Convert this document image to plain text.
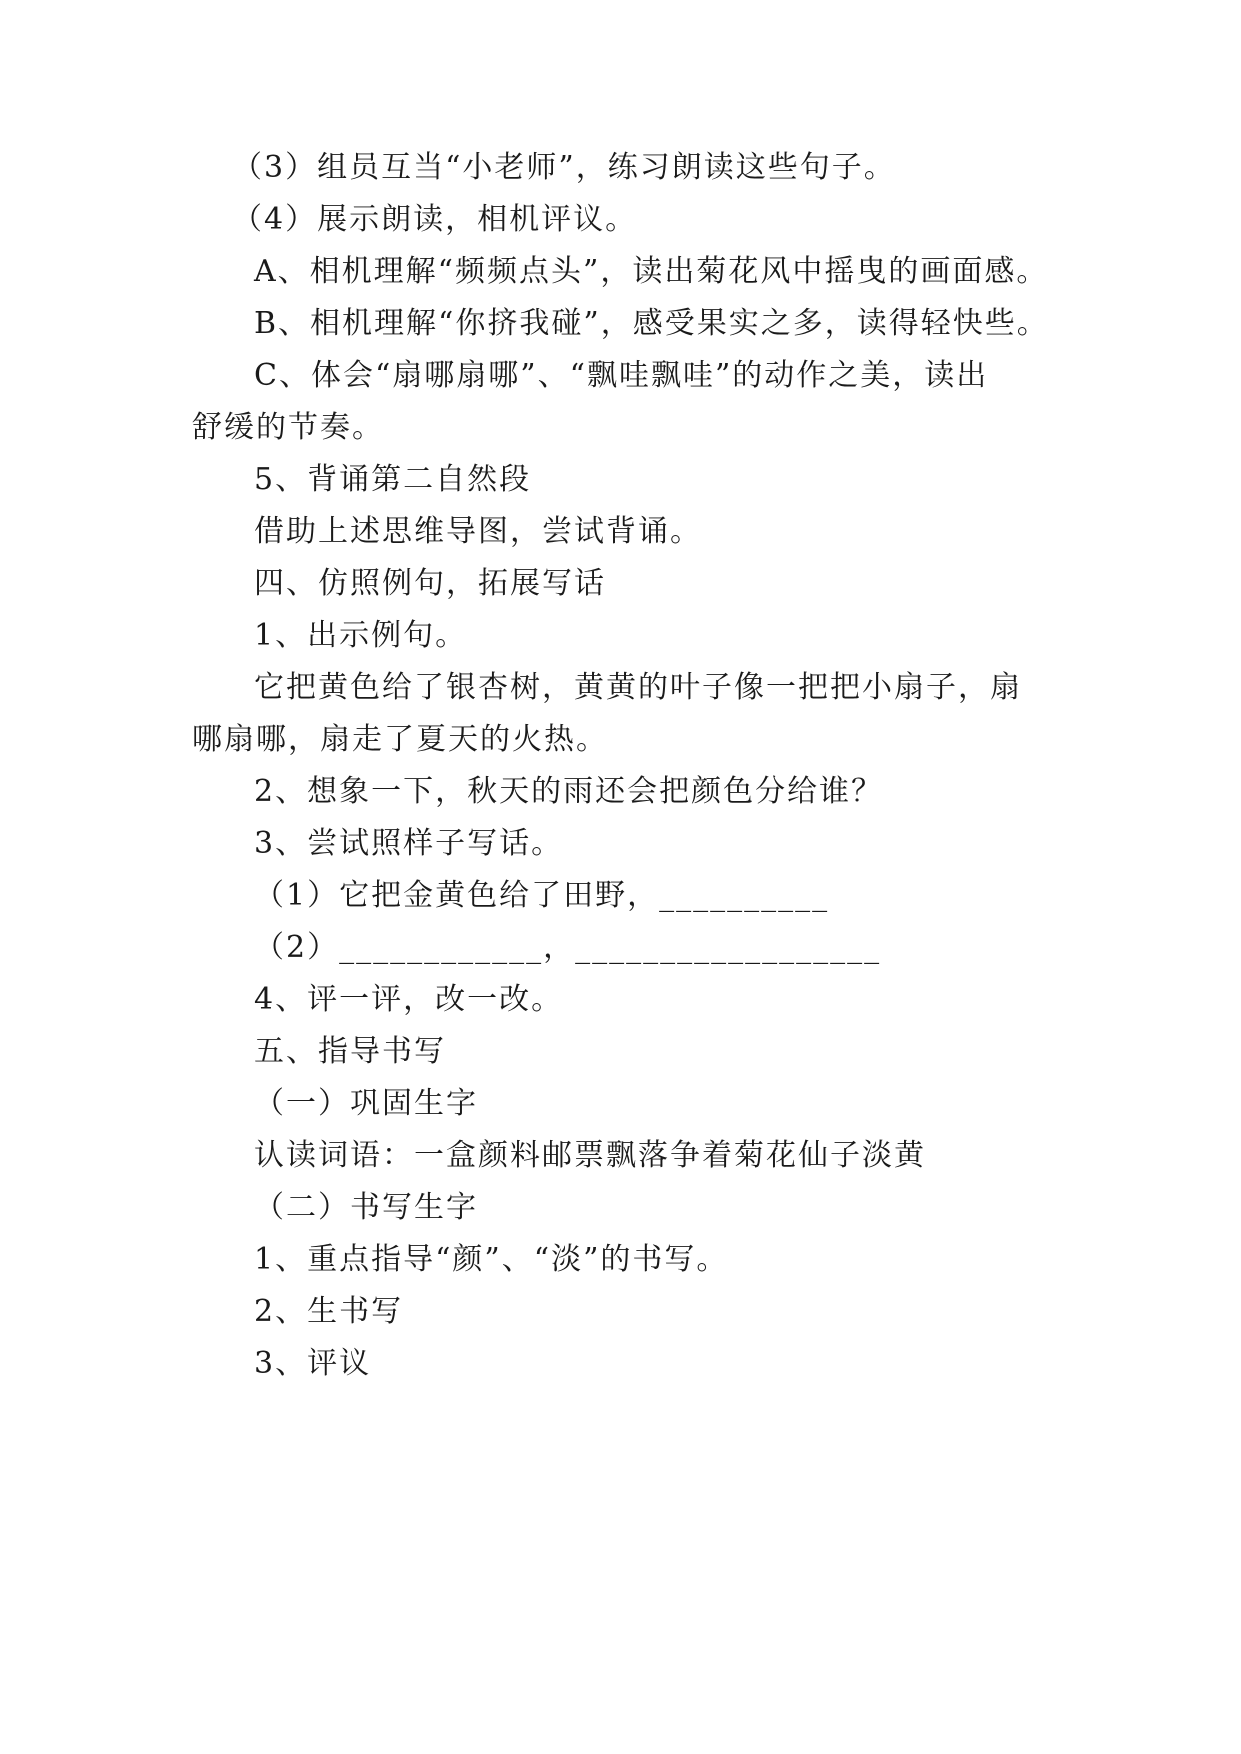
（3）组员互当“小老师”，练习朗读这些句子。
（4）展示朗读，相机评议。
A、相机理解“频频点头”，读出菊花风中摇曳的画面感。
B、相机理解“你挤我碰”，感受果实之多，读得轻快些。
C、体会“扇哪扇哪”、“飘哇飘哇”的动作之美，读出
舒缓的节奏。
5、背诵第二自然段
借助上述思维导图，尝试背诵。
四、仿照例句，拓展写话
1、出示例句。
它把黄色给了银杏树，黄黄的叶子像一把把小扇子，扇
哪扇哪，扇走了夏天的火热。
2、想象一下，秋天的雨还会把颜色分给谁？
3、尝试照样子写话。
（1）它把金黄色给了田野，__________
（2）____________，__________________
4、评一评，改一改。
五、指导书写
（一）巩固生字
认读词语：一盒颜料邮票飘落争着菊花仙子淡黄
（二）书写生字
1、重点指导“颜”、“淡”的书写。
2、生书写
3、评议
